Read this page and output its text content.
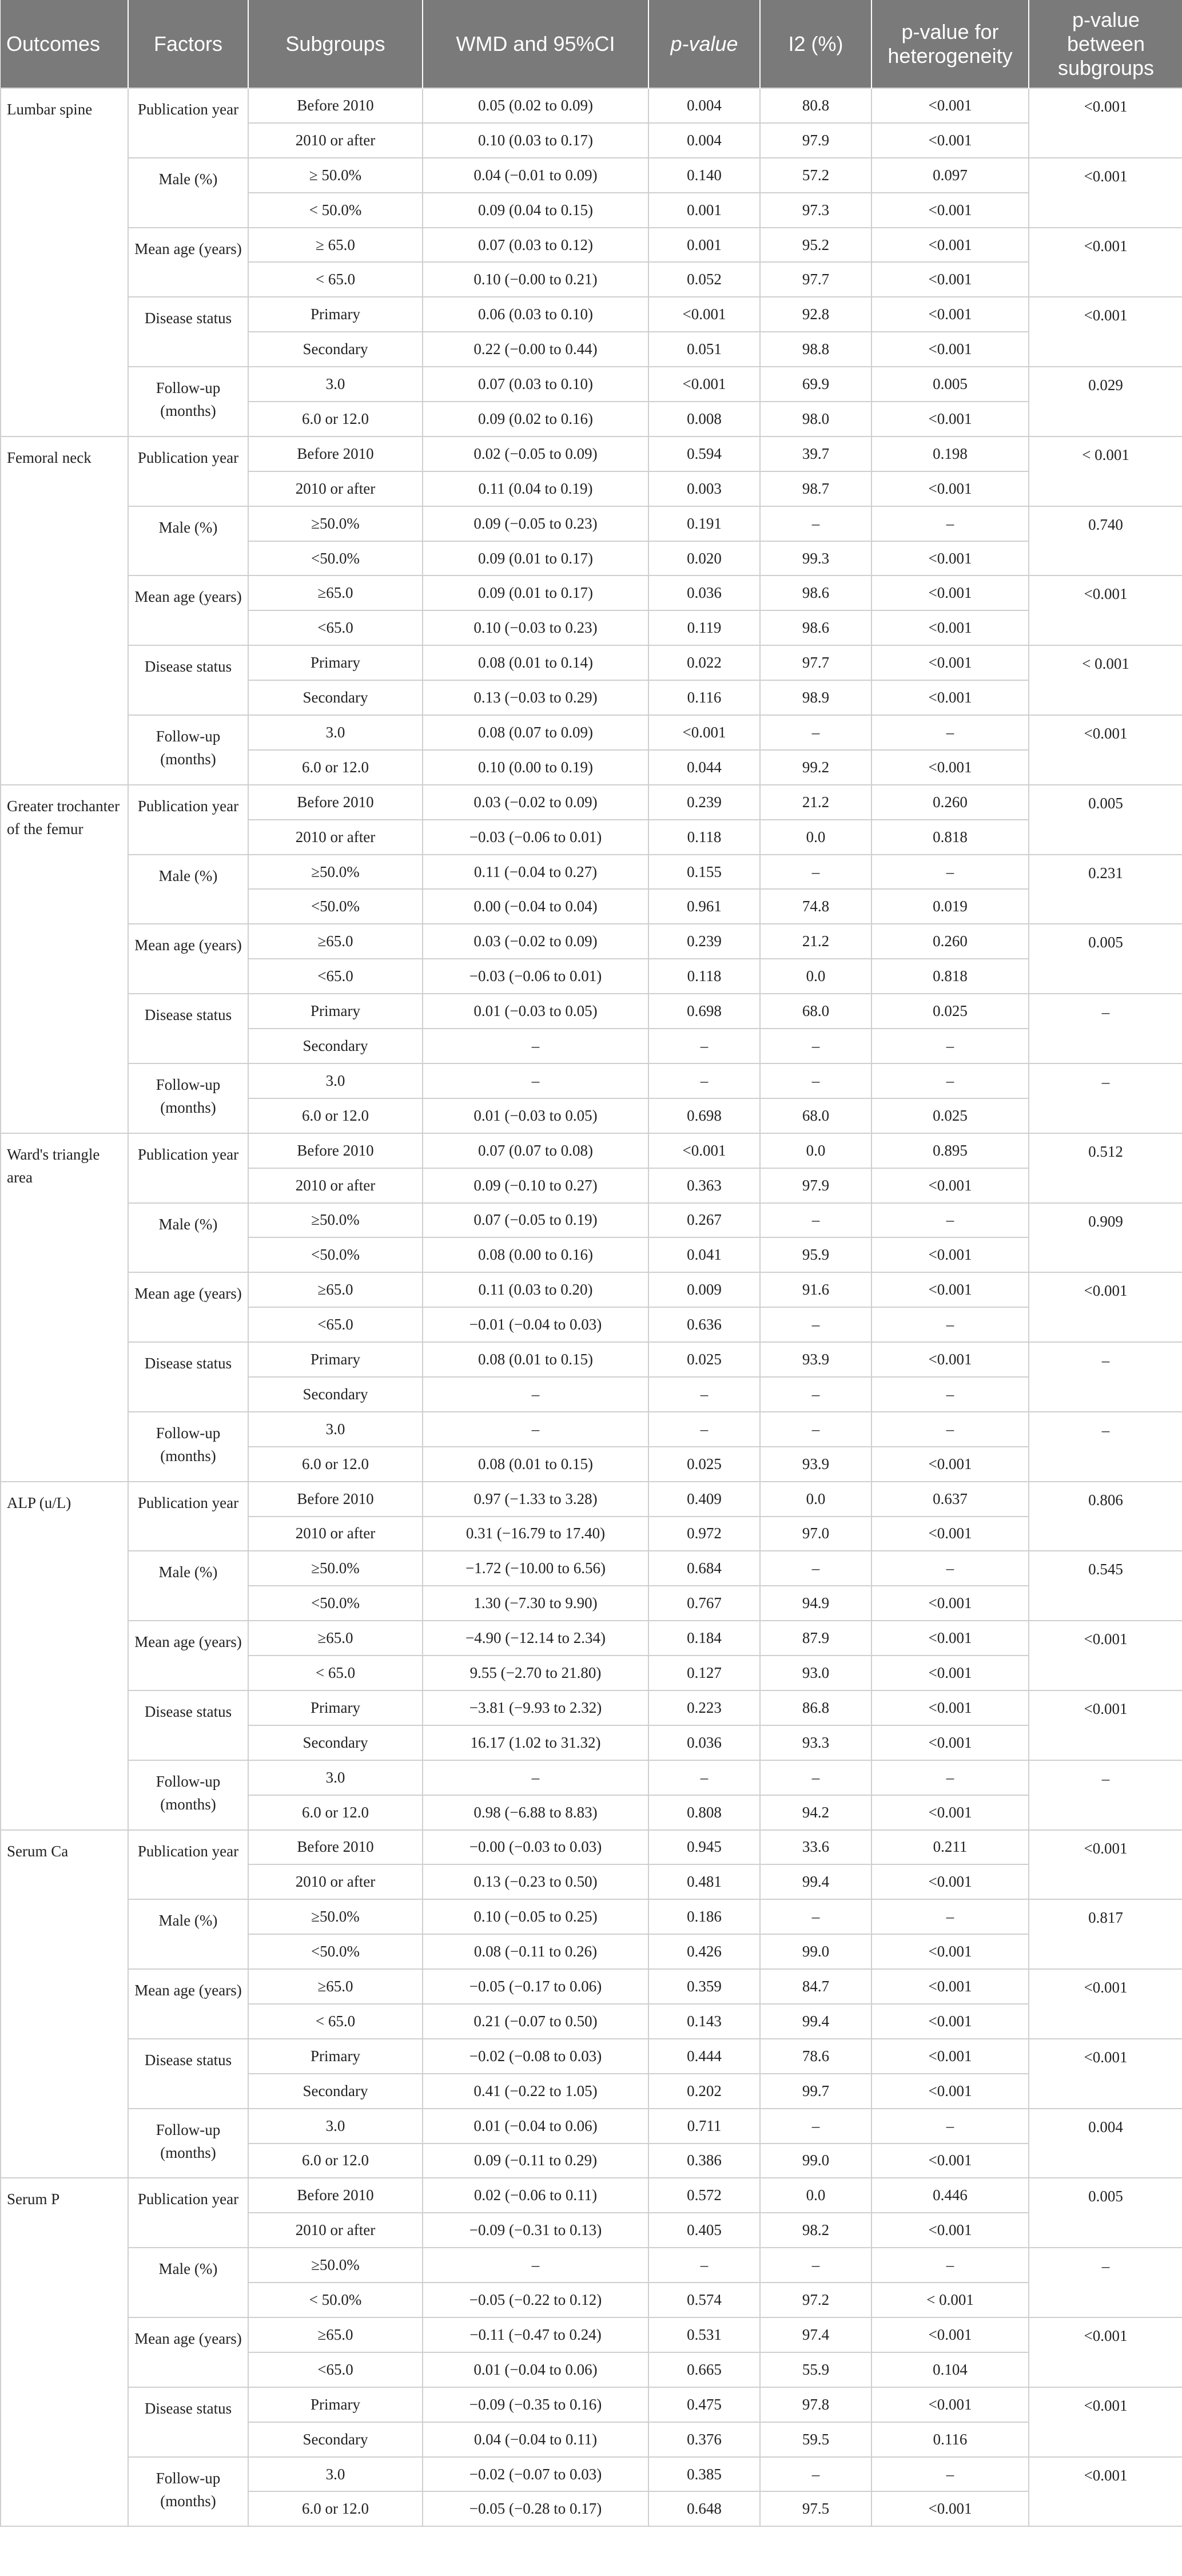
Outcomes	Factors	Subgroups	WMD and 95%CI	p-value	I2 (%)	p-value for heterogeneity	p-value between subgroups
Lumbar spine	Publication year	Before 2010	0.05 (0.02 to 0.09)	0.004	80.8	<0.001	<0.001
		2010 or after	0.10 (0.03 to 0.17)	0.004	97.9	<0.001	
	Male (%)	≥ 50.0%	0.04 (−0.01 to 0.09)	0.140	57.2	0.097	<0.001
		< 50.0%	0.09 (0.04 to 0.15)	0.001	97.3	<0.001	
	Mean age (years)	≥ 65.0	0.07 (0.03 to 0.12)	0.001	95.2	<0.001	<0.001
		< 65.0	0.10 (−0.00 to 0.21)	0.052	97.7	<0.001	
	Disease status	Primary	0.06 (0.03 to 0.10)	<0.001	92.8	<0.001	<0.001
		Secondary	0.22 (−0.00 to 0.44)	0.051	98.8	<0.001	
	Follow-up (months)	3.0	0.07 (0.03 to 0.10)	<0.001	69.9	0.005	0.029
		6.0 or 12.0	0.09 (0.02 to 0.16)	0.008	98.0	<0.001	
Femoral neck	Publication year	Before 2010	0.02 (−0.05 to 0.09)	0.594	39.7	0.198	< 0.001
		2010 or after	0.11 (0.04 to 0.19)	0.003	98.7	<0.001	
	Male (%)	≥50.0%	0.09 (−0.05 to 0.23)	0.191	–	–	0.740
		<50.0%	0.09 (0.01 to 0.17)	0.020	99.3	<0.001	
	Mean age (years)	≥65.0	0.09 (0.01 to 0.17)	0.036	98.6	<0.001	<0.001
		<65.0	0.10 (−0.03 to 0.23)	0.119	98.6	<0.001	
	Disease status	Primary	0.08 (0.01 to 0.14)	0.022	97.7	<0.001	< 0.001
		Secondary	0.13 (−0.03 to 0.29)	0.116	98.9	<0.001	
	Follow-up (months)	3.0	0.08 (0.07 to 0.09)	<0.001	–	–	<0.001
		6.0 or 12.0	0.10 (0.00 to 0.19)	0.044	99.2	<0.001	
Greater trochanter of the femur	Publication year	Before 2010	0.03 (−0.02 to 0.09)	0.239	21.2	0.260	0.005
		2010 or after	−0.03 (−0.06 to 0.01)	0.118	0.0	0.818	
	Male (%)	≥50.0%	0.11 (−0.04 to 0.27)	0.155	–	–	0.231
		<50.0%	0.00 (−0.04 to 0.04)	0.961	74.8	0.019	
	Mean age (years)	≥65.0	0.03 (−0.02 to 0.09)	0.239	21.2	0.260	0.005
		<65.0	−0.03 (−0.06 to 0.01)	0.118	0.0	0.818	
	Disease status	Primary	0.01 (−0.03 to 0.05)	0.698	68.0	0.025	–
		Secondary	–	–	–	–	
	Follow-up (months)	3.0	–	–	–	–	–
		6.0 or 12.0	0.01 (−0.03 to 0.05)	0.698	68.0	0.025	
Ward's triangle area	Publication year	Before 2010	0.07 (0.07 to 0.08)	<0.001	0.0	0.895	0.512
		2010 or after	0.09 (−0.10 to 0.27)	0.363	97.9	<0.001	
	Male (%)	≥50.0%	0.07 (−0.05 to 0.19)	0.267	–	–	0.909
		<50.0%	0.08 (0.00 to 0.16)	0.041	95.9	<0.001	
	Mean age (years)	≥65.0	0.11 (0.03 to 0.20)	0.009	91.6	<0.001	<0.001
		<65.0	−0.01 (−0.04 to 0.03)	0.636	–	–	
	Disease status	Primary	0.08 (0.01 to 0.15)	0.025	93.9	<0.001	–
		Secondary	–	–	–	–	
	Follow-up (months)	3.0	–	–	–	–	–
		6.0 or 12.0	0.08 (0.01 to 0.15)	0.025	93.9	<0.001	
ALP (u/L)	Publication year	Before 2010	0.97 (−1.33 to 3.28)	0.409	0.0	0.637	0.806
		2010 or after	0.31 (−16.79 to 17.40)	0.972	97.0	<0.001	
	Male (%)	≥50.0%	−1.72 (−10.00 to 6.56)	0.684	–	–	0.545
		<50.0%	1.30 (−7.30 to 9.90)	0.767	94.9	<0.001	
	Mean age (years)	≥65.0	−4.90 (−12.14 to 2.34)	0.184	87.9	<0.001	<0.001
		< 65.0	9.55 (−2.70 to 21.80)	0.127	93.0	<0.001	
	Disease status	Primary	−3.81 (−9.93 to 2.32)	0.223	86.8	<0.001	<0.001
		Secondary	16.17 (1.02 to 31.32)	0.036	93.3	<0.001	
	Follow-up (months)	3.0	–	–	–	–	–
		6.0 or 12.0	0.98 (−6.88 to 8.83)	0.808	94.2	<0.001	
Serum Ca	Publication year	Before 2010	−0.00 (−0.03 to 0.03)	0.945	33.6	0.211	<0.001
		2010 or after	0.13 (−0.23 to 0.50)	0.481	99.4	<0.001	
	Male (%)	≥50.0%	0.10 (−0.05 to 0.25)	0.186	–	–	0.817
		<50.0%	0.08 (−0.11 to 0.26)	0.426	99.0	<0.001	
	Mean age (years)	≥65.0	−0.05 (−0.17 to 0.06)	0.359	84.7	<0.001	<0.001
		< 65.0	0.21 (−0.07 to 0.50)	0.143	99.4	<0.001	
	Disease status	Primary	−0.02 (−0.08 to 0.03)	0.444	78.6	<0.001	<0.001
		Secondary	0.41 (−0.22 to 1.05)	0.202	99.7	<0.001	
	Follow-up (months)	3.0	0.01 (−0.04 to 0.06)	0.711	–	–	0.004
		6.0 or 12.0	0.09 (−0.11 to 0.29)	0.386	99.0	<0.001	
Serum P	Publication year	Before 2010	0.02 (−0.06 to 0.11)	0.572	0.0	0.446	0.005
		2010 or after	−0.09 (−0.31 to 0.13)	0.405	98.2	<0.001	
	Male (%)	≥50.0%	–	–	–	–	–
		< 50.0%	−0.05 (−0.22 to 0.12)	0.574	97.2	< 0.001	
	Mean age (years)	≥65.0	−0.11 (−0.47 to 0.24)	0.531	97.4	<0.001	<0.001
		<65.0	0.01 (−0.04 to 0.06)	0.665	55.9	0.104	
	Disease status	Primary	−0.09 (−0.35 to 0.16)	0.475	97.8	<0.001	<0.001
		Secondary	0.04 (−0.04 to 0.11)	0.376	59.5	0.116	
	Follow-up (months)	3.0	−0.02 (−0.07 to 0.03)	0.385	–	–	<0.001
		6.0 or 12.0	−0.05 (−0.28 to 0.17)	0.648	97.5	<0.001	
